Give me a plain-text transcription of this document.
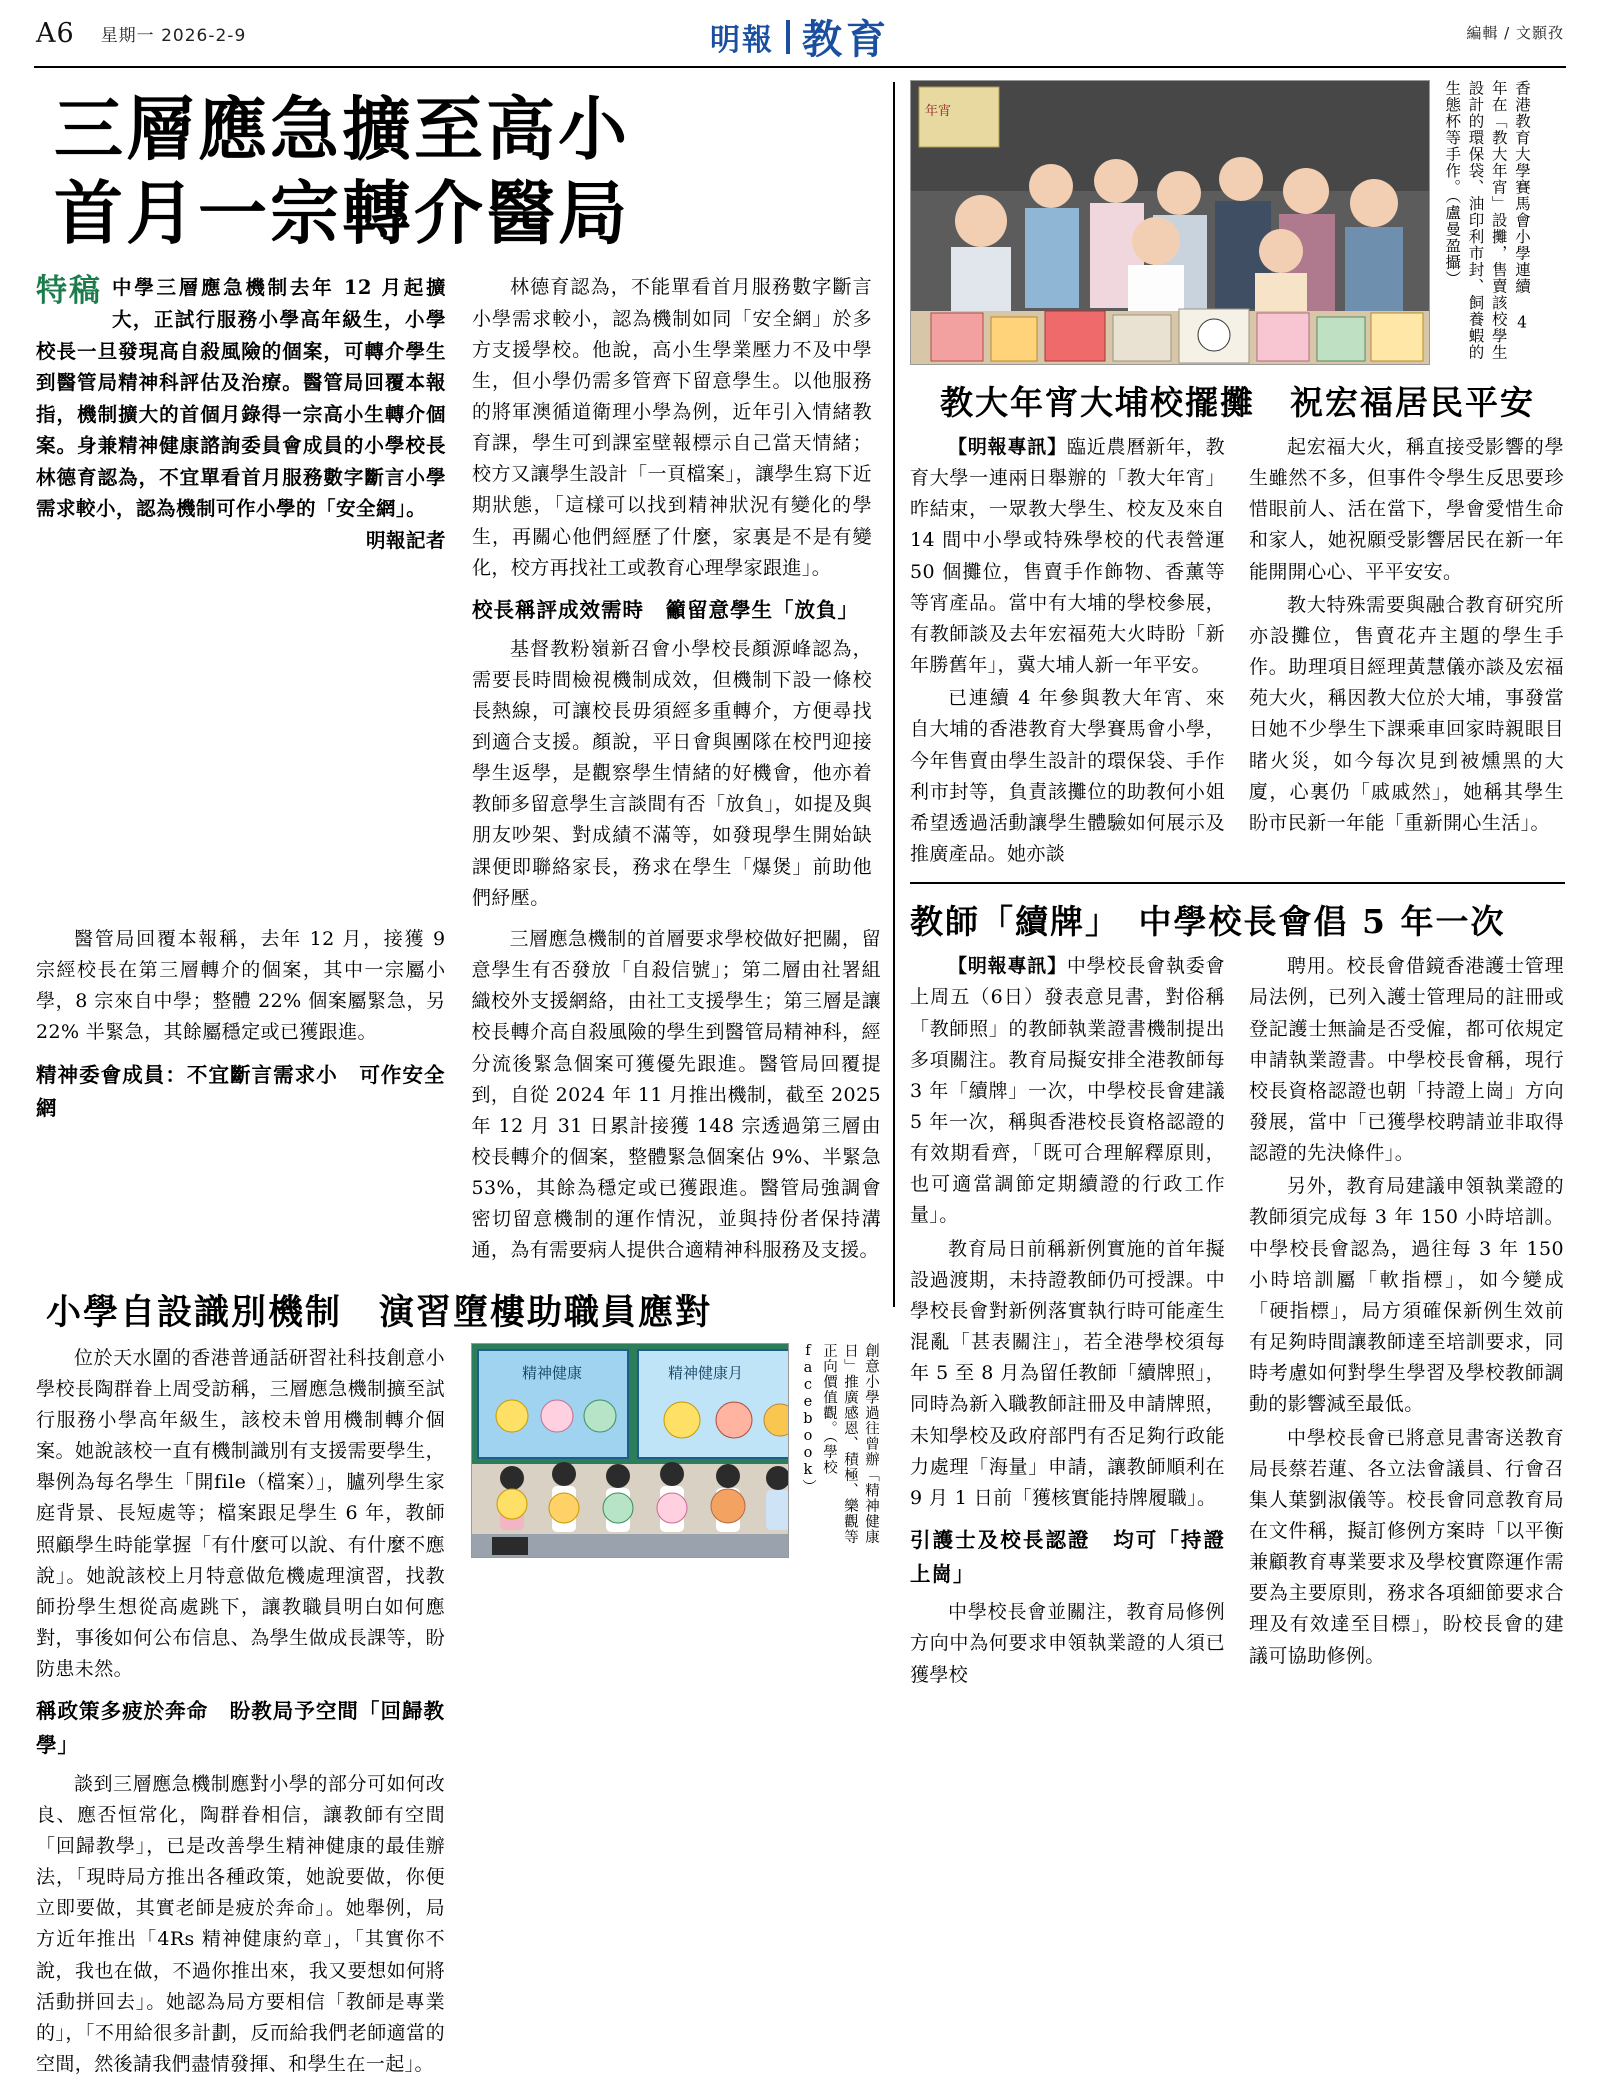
A6 星期一 2026-2-9	明報 教育	編輯 / 文顥孜
三層應急擴至高小
首月一宗轉介醫局
特稿 中學三層應急機制去年 12 月起擴大，正試行服務小學高年級生，小學校長一旦發現高自殺風險的個案，可轉介學生到醫管局精神科評估及治療。醫管局回覆本報指，機制擴大的首個月錄得一宗高小生轉介個案。身兼精神健康諮詢委員會成員的小學校長林德育認為，不宜單看首月服務數字斷言小學需求較小，認為機制可作小學的「安全網」。
明報記者

林德育認為，不能單看首月服務數字斷言小學需求較小，認為機制如同「安全網」於多方支援學校。他說，高小生學業壓力不及中學生，但小學仍需多管齊下留意學生。以他服務的將軍澳循道衛理小學為例，近年引入情緒教育課，學生可到課室壁報標示自己當天情緒；校方又讓學生設計「一頁檔案」，讓學生寫下近期狀態，「這樣可以找到精神狀況有變化的學生，再關心他們經歷了什麼，家裏是不是有變化，校方再找社工或教育心理學家跟進」。

校長稱評成效需時　籲留意學生「放負」

基督教粉嶺新召會小學校長顏源峰認為，需要長時間檢視機制成效，但機制下設一條校長熱線，可讓校長毋須經多重轉介，方便尋找到適合支援。顏說，平日會與團隊在校門迎接學生返學，是觀察學生情緒的好機會，他亦着教師多留意學生言談間有否「放負」，如提及與朋友吵架、對成績不滿等，如發現學生開始缺課便即聯絡家長，務求在學生「爆煲」前助他們紓壓。

醫管局回覆本報稱，去年 12 月，接獲 9 宗經校長在第三層轉介的個案，其中一宗屬小學，8 宗來自中學；整體 22% 個案屬緊急，另 22% 半緊急，其餘屬穩定或已獲跟進。

精神委會成員：不宜斷言需求小　可作安全網

三層應急機制的首層要求學校做好把關，留意學生有否發放「自殺信號」；第二層由社署組織校外支援網絡，由社工支援學生；第三層是讓校長轉介高自殺風險的學生到醫管局精神科，經分流後緊急個案可獲優先跟進。醫管局回覆提到，自從 2024 年 11 月推出機制，截至 2025 年 12 月 31 日累計接獲 148 宗透過第三層由校長轉介的個案，整體緊急個案佔 9%、半緊急 53%，其餘為穩定或已獲跟進。醫管局強調會密切留意機制的運作情況，並與持份者保持溝通，為有需要病人提供合適精神科服務及支援。

小學自設識別機制　演習墮樓助職員應對

位於天水圍的香港普通話研習社科技創意小學校長陶群眷上周受訪稱，三層應急機制擴至試行服務小學高年級生，該校未曾用機制轉介個案。她說該校一直有機制識別有支援需要學生，舉例為每名學生「開file（檔案）」，臚列學生家庭背景、長短處等；檔案跟足學生 6 年，教師照顧學生時能掌握「有什麼可以說、有什麼不應說」。她說該校上月特意做危機處理演習，找教師扮學生想從高處跳下，讓教職員明白如何應對，事後如何公布信息、為學生做成長課等，盼防患未然。

稱政策多疲於奔命　盼教局予空間「回歸教學」

談到三層應急機制應對小學的部分可如何改良、應否恒常化，陶群眷相信，讓教師有空間「回歸教學」，已是改善學生精神健康的最佳辦法，「現時局方推出各種政策，她說要做，你便立即要做，其實老師是疲於奔命」。她舉例，局方近年推出「4Rs 精神健康約章」，「其實你不說，我也在做，不過你推出來，我又要想如何將活動拼回去」。她認為局方要相信「教師是專業的」，「不用給很多計劃，反而給我們老師適當的空間，然後請我們盡情發揮、和學生在一起」。

精神健康	精神健康月	創意小學過往曾辦「精神健康日」推廣感恩、積極、樂觀等正向價值觀。（學校 facebook）
年宵	香港教育大學賽馬會小學連續 4 年在「教大年宵」設攤，售賣該校學生設計的環保袋、油印利市封、飼養蝦的生態杯等手作。（盧曼盈攝）
教大年宵大埔校擺攤　祝宏福居民平安

【明報專訊】臨近農曆新年，教育大學一連兩日舉辦的「教大年宵」昨結束，一眾教大學生、校友及來自 14 間中小學或特殊學校的代表營運 50 個攤位，售賣手作飾物、香薰等等宵產品。當中有大埔的學校參展，有教師談及去年宏福苑大火時盼「新年勝舊年」，冀大埔人新一年平安。

已連續 4 年參與教大年宵、來自大埔的香港教育大學賽馬會小學，今年售賣由學生設計的環保袋、手作利市封等，負責該攤位的助教何小姐希望透過活動讓學生體驗如何展示及推廣產品。她亦談

起宏福大火，稱直接受影響的學生雖然不多，但事件令學生反思要珍惜眼前人、活在當下，學會愛惜生命和家人，她祝願受影響居民在新一年能開開心心、平平安安。

教大特殊需要與融合教育研究所亦設攤位，售賣花卉主題的學生手作。助理項目經理黃慧儀亦談及宏福苑大火，稱因教大位於大埔，事發當日她不少學生下課乘車回家時親眼目睹火災，如今每次見到被燻黑的大廈，心裏仍「戚戚然」，她稱其學生盼市民新一年能「重新開心生活」。

教師「續牌」　中學校長會倡 5 年一次

【明報專訊】中學校長會執委會上周五（6日）發表意見書，對俗稱「教師照」的教師執業證書機制提出多項關注。教育局擬安排全港教師每 3 年「續牌」一次，中學校長會建議 5 年一次，稱與香港校長資格認證的有效期看齊，「既可合理解釋原則，也可適當調節定期續證的行政工作量」。

教育局日前稱新例實施的首年擬設過渡期，未持證教師仍可授課。中學校長會對新例落實執行時可能產生混亂「甚表關注」，若全港學校須每年 5 至 8 月為留任教師「續牌照」，同時為新入職教師註冊及申請牌照，未知學校及政府部門有否足夠行政能力處理「海量」申請，讓教師順利在 9 月 1 日前「獲核實能持牌履職」。

引護士及校長認證　均可「持證上崗」

中學校長會並關注，教育局修例方向中為何要求申領執業證的人須已獲學校

聘用。校長會借鏡香港護士管理局法例，已列入護士管理局的註冊或登記護士無論是否受僱，都可依規定申請執業證書。中學校長會稱，現行校長資格認證也朝「持證上崗」方向發展，當中「已獲學校聘請並非取得認證的先決條件」。

另外，教育局建議申領執業證的教師須完成每 3 年 150 小時培訓。中學校長會認為，過往每 3 年 150 小時培訓屬「軟指標」，如今變成「硬指標」，局方須確保新例生效前有足夠時間讓教師達至培訓要求，同時考慮如何對學生學習及學校教師調動的影響減至最低。

中學校長會已將意見書寄送教育局長蔡若蓮、各立法會議員、行會召集人葉劉淑儀等。校長會同意教育局在文件稱，擬訂修例方案時「以平衡兼顧教育專業要求及學校實際運作需要為主要原則，務求各項細節要求合理及有效達至目標」，盼校長會的建議可協助修例。
